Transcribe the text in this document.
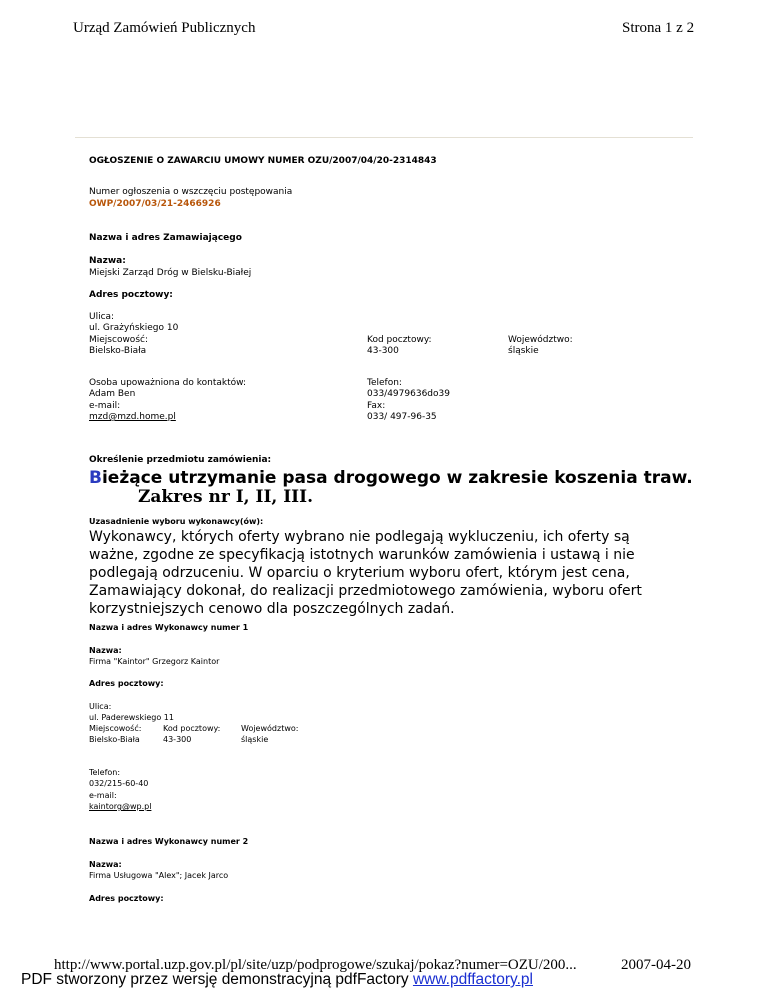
Urząd Zamówień Publicznych	Strona 1 z 2
OGŁOSZENIE O ZAWARCIU UMOWY NUMER OZU/2007/04/20-2314843
Numer ogłoszenia o wszczęciu postępowania
OWP/2007/03/21-2466926
Nazwa i adres Zamawiającego
Nazwa:
Miejski Zarząd Dróg w Bielsku-Białej
Adres pocztowy:
Ulica:
ul. Grażyńskiego 10
Miejscowość:
Bielsko-Biała
Kod pocztowy:
43-300
Województwo:
śląskie
Osoba upoważniona do kontaktów:
Adam Ben
e-mail:
mzd@mzd.home.pl
Telefon:
033/4979636do39
Fax:
033/ 497-96-35
Określenie przedmiotu zamówienia:
Bieżące utrzymanie pasa drogowego w zakresie koszenia traw.
Zakres nr I, II, III.
Uzasadnienie wyboru wykonawcy(ów):
Wykonawcy, których oferty wybrano nie podlegają wykluczeniu, ich oferty są ważne, zgodne ze specyfikacją istotnych warunków zamówienia i ustawą i nie podlegają odrzuceniu. W oparciu o kryterium wyboru ofert, którym jest cena, Zamawiający dokonał, do realizacji przedmiotowego zamówienia, wyboru ofert korzystniejszych cenowo dla poszczególnych zadań.
Nazwa i adres Wykonawcy numer 1
Nazwa:
Firma "Kaintor" Grzegorz Kaintor
Adres pocztowy:
Ulica:
ul. Paderewskiego 11
Miejscowość:
Bielsko-Biała
Kod pocztowy:
43-300
Województwo:
śląskie
Telefon:
032/215-60-40
e-mail:
kaintorg@wp.pl
Nazwa i adres Wykonawcy numer 2
Nazwa:
Firma Usługowa "Alex"; Jacek Jarco
Adres pocztowy:
http://www.portal.uzp.gov.pl/pl/site/uzp/podprogowe/szukaj/pokaz?numer=OZU/200...	2007-04-20
PDF stworzony przez wersję demonstracyjną pdfFactory www.pdffactory.pl
